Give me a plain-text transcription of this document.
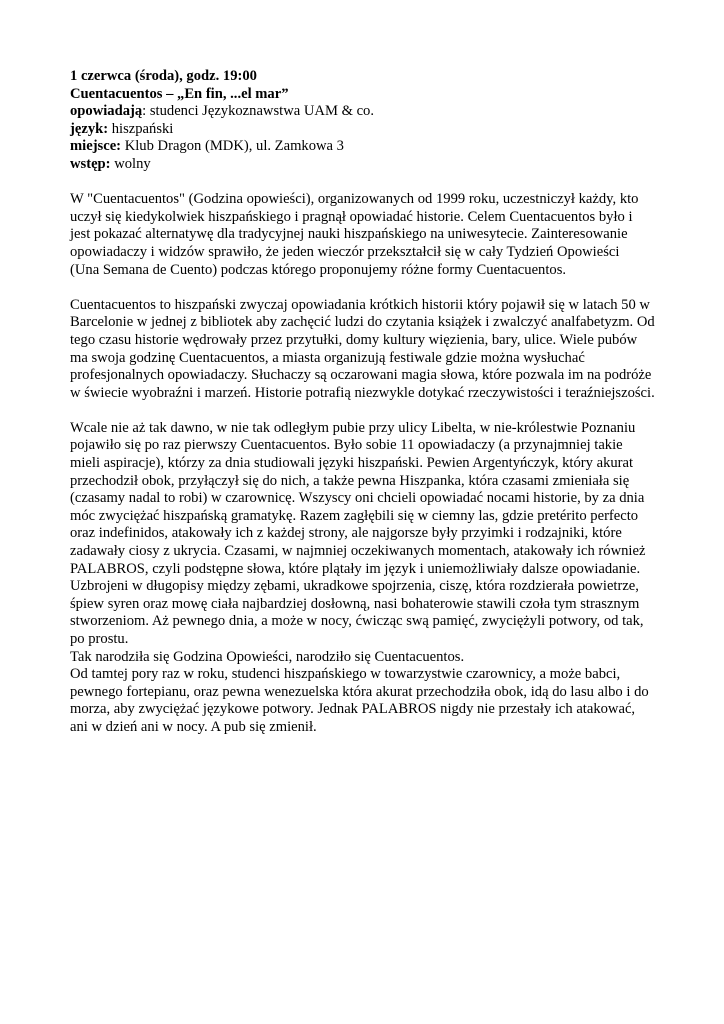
1 czerwca (środa), godz. 19:00
Cuentacuentos – „En fin, ...el mar”
opowiadają: studenci Językoznawstwa UAM & co.
język: hiszpański
miejsce: Klub Dragon (MDK), ul. Zamkowa 3
wstęp: wolny
W "Cuentacuentos" (Godzina opowieści), organizowanych od 1999 roku, uczestniczył każdy, kto
uczył się kiedykolwiek hiszpańskiego i pragnął opowiadać historie. Celem Cuentacuentos było i
jest pokazać alternatywę dla tradycyjnej nauki hiszpańskiego na uniwesytecie. Zainteresowanie
opowiadaczy i widzów sprawiło, że jeden wieczór przekształcił się w cały Tydzień Opowieści
(Una Semana de Cuento) podczas którego proponujemy różne formy Cuentacuentos.
Cuentacuentos to hiszpański zwyczaj opowiadania krótkich historii który pojawił się w latach 50 w
Barcelonie w jednej z bibliotek aby zachęcić ludzi do czytania książek i zwalczyć analfabetyzm. Od
tego czasu historie wędrowały przez przytułki, domy kultury więzienia, bary, ulice. Wiele pubów
ma swoja godzinę Cuentacuentos, a miasta organizują festiwale gdzie można wysłuchać
profesjonalnych opowiadaczy. Słuchaczy są oczarowani magia słowa, które pozwala im na podróże
w świecie wyobraźni i marzeń. Historie potrafią niezwykle dotykać rzeczywistości i teraźniejszości.
Wcale nie aż tak dawno, w nie tak odległym pubie przy ulicy Libelta, w nie-królestwie Poznaniu
pojawiło się po raz pierwszy Cuentacuentos. Było sobie 11 opowiadaczy (a przynajmniej takie
mieli aspiracje), którzy za dnia studiowali języki hiszpański. Pewien Argentyńczyk, który akurat
przechodził obok, przyłączył się do nich, a także pewna Hiszpanka, która czasami zmieniała się
(czasamy nadal to robi) w czarownicę. Wszyscy oni chcieli opowiadać nocami historie, by za dnia
móc zwyciężać hiszpańską gramatykę. Razem zagłębili się w ciemny las, gdzie pretérito perfecto
oraz indefinidos, atakowały ich z każdej strony, ale najgorsze były przyimki i rodzajniki, które
zadawały ciosy z ukrycia. Czasami, w najmniej oczekiwanych momentach, atakowały ich również
PALABROS, czyli podstępne słowa, które plątały im język i uniemożliwiały dalsze opowiadanie.
Uzbrojeni w długopisy między zębami, ukradkowe spojrzenia, ciszę, która rozdzierała powietrze,
śpiew syren oraz mowę ciała najbardziej dosłowną, nasi bohaterowie stawili czoła tym strasznym
stworzeniom. Aż pewnego dnia, a może w nocy, ćwicząc swą pamięć, zwyciężyli potwory, od tak,
po prostu.
Tak narodziła się Godzina Opowieści, narodziło się Cuentacuentos.
Od tamtej pory raz w roku, studenci hiszpańskiego w towarzystwie czarownicy, a może babci,
pewnego fortepianu, oraz pewna wenezuelska która akurat przechodziła obok, idą do lasu albo i do
morza, aby zwyciężać językowe potwory. Jednak PALABROS nigdy nie przestały ich atakować,
ani w dzień ani w nocy. A pub się zmienił.
